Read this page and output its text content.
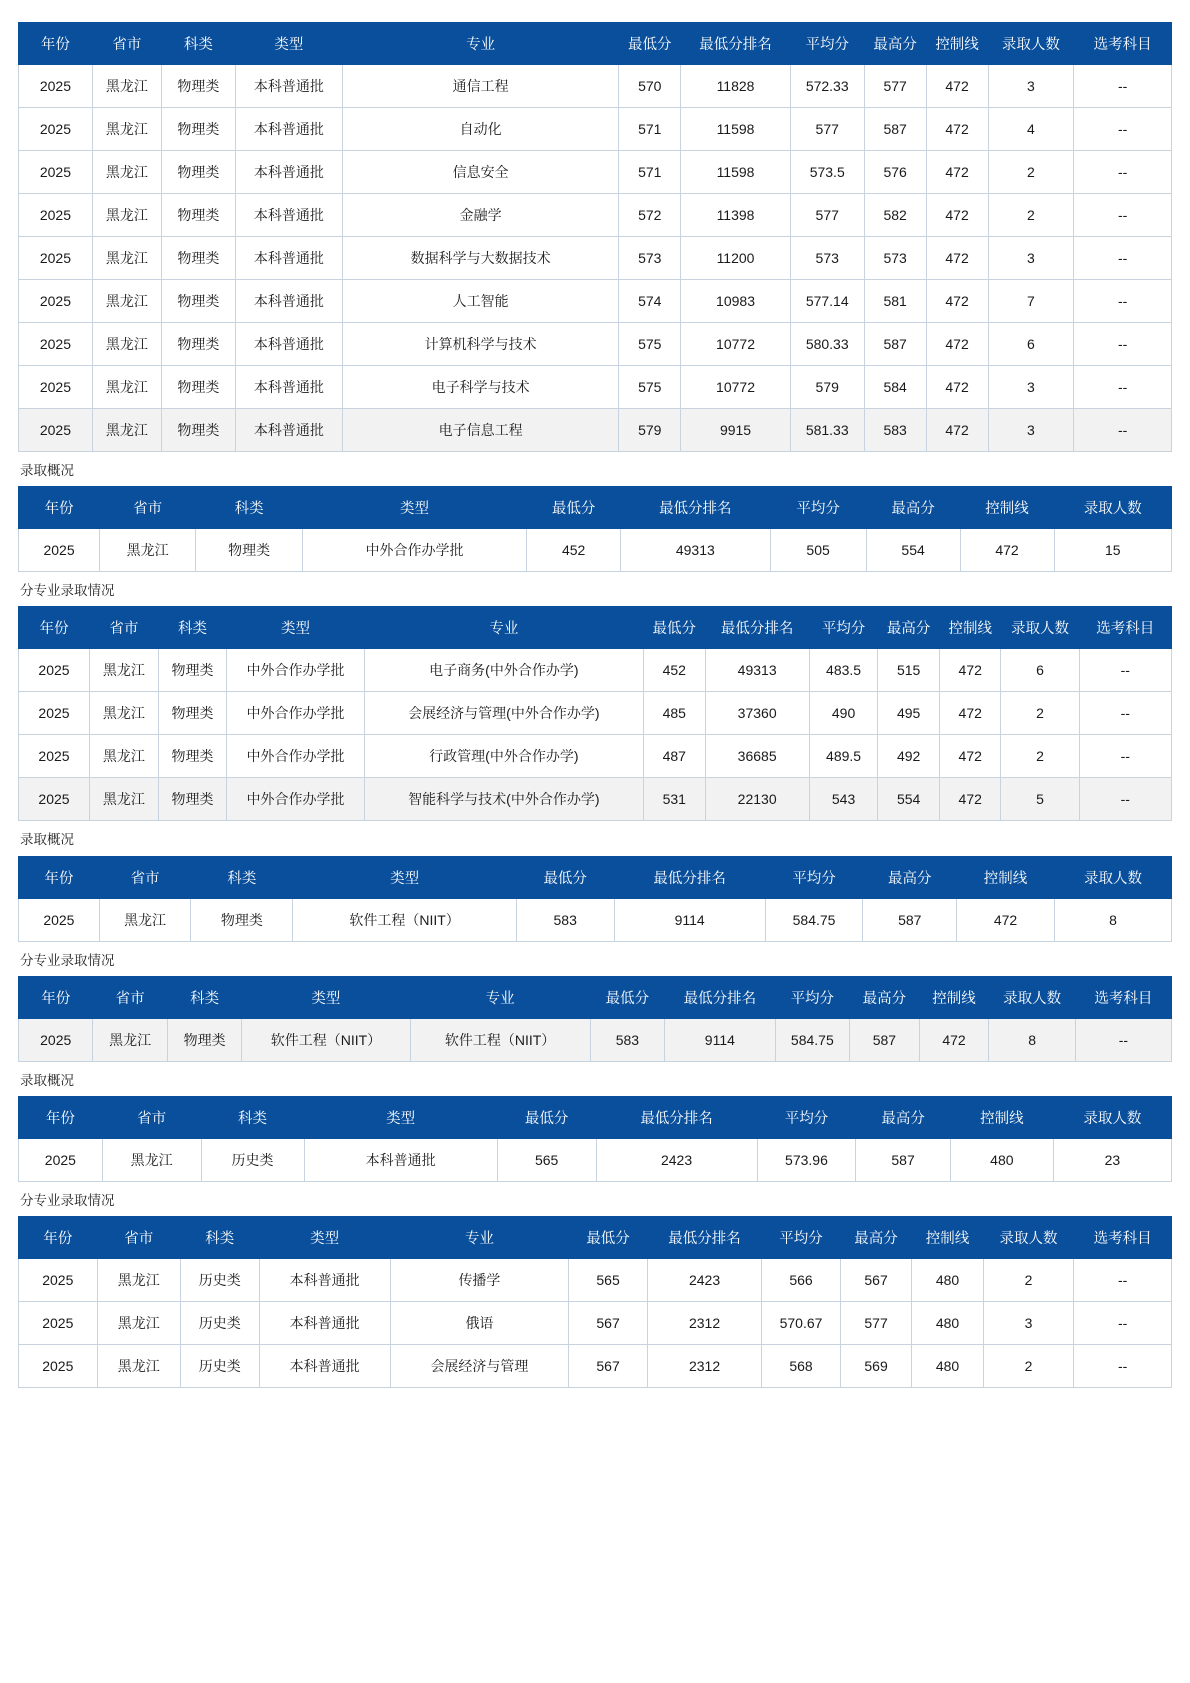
年份	省市	科类	类型	专业	最低分	最低分排名	平均分	最高分	控制线	录取人数	选考科目
2025	黑龙江	物理类	本科普通批	通信工程	570	11828	572.33	577	472	3	--
2025	黑龙江	物理类	本科普通批	自动化	571	11598	577	587	472	4	--
2025	黑龙江	物理类	本科普通批	信息安全	571	11598	573.5	576	472	2	--
2025	黑龙江	物理类	本科普通批	金融学	572	11398	577	582	472	2	--
2025	黑龙江	物理类	本科普通批	数据科学与大数据技术	573	11200	573	573	472	3	--
2025	黑龙江	物理类	本科普通批	人工智能	574	10983	577.14	581	472	7	--
2025	黑龙江	物理类	本科普通批	计算机科学与技术	575	10772	580.33	587	472	6	--
2025	黑龙江	物理类	本科普通批	电子科学与技术	575	10772	579	584	472	3	--
2025	黑龙江	物理类	本科普通批	电子信息工程	579	9915	581.33	583	472	3	--
录取概况
年份	省市	科类	类型	最低分	最低分排名	平均分	最高分	控制线	录取人数
2025	黑龙江	物理类	中外合作办学批	452	49313	505	554	472	15
分专业录取情况
年份	省市	科类	类型	专业	最低分	最低分排名	平均分	最高分	控制线	录取人数	选考科目
2025	黑龙江	物理类	中外合作办学批	电子商务(中外合作办学)	452	49313	483.5	515	472	6	--
2025	黑龙江	物理类	中外合作办学批	会展经济与管理(中外合作办学)	485	37360	490	495	472	2	--
2025	黑龙江	物理类	中外合作办学批	行政管理(中外合作办学)	487	36685	489.5	492	472	2	--
2025	黑龙江	物理类	中外合作办学批	智能科学与技术(中外合作办学)	531	22130	543	554	472	5	--
录取概况
年份	省市	科类	类型	最低分	最低分排名	平均分	最高分	控制线	录取人数
2025	黑龙江	物理类	软件工程（NIIT）	583	9114	584.75	587	472	8
分专业录取情况
年份	省市	科类	类型	专业	最低分	最低分排名	平均分	最高分	控制线	录取人数	选考科目
2025	黑龙江	物理类	软件工程（NIIT）	软件工程（NIIT）	583	9114	584.75	587	472	8	--
录取概况
年份	省市	科类	类型	最低分	最低分排名	平均分	最高分	控制线	录取人数
2025	黑龙江	历史类	本科普通批	565	2423	573.96	587	480	23
分专业录取情况
年份	省市	科类	类型	专业	最低分	最低分排名	平均分	最高分	控制线	录取人数	选考科目
2025	黑龙江	历史类	本科普通批	传播学	565	2423	566	567	480	2	--
2025	黑龙江	历史类	本科普通批	俄语	567	2312	570.67	577	480	3	--
2025	黑龙江	历史类	本科普通批	会展经济与管理	567	2312	568	569	480	2	--
